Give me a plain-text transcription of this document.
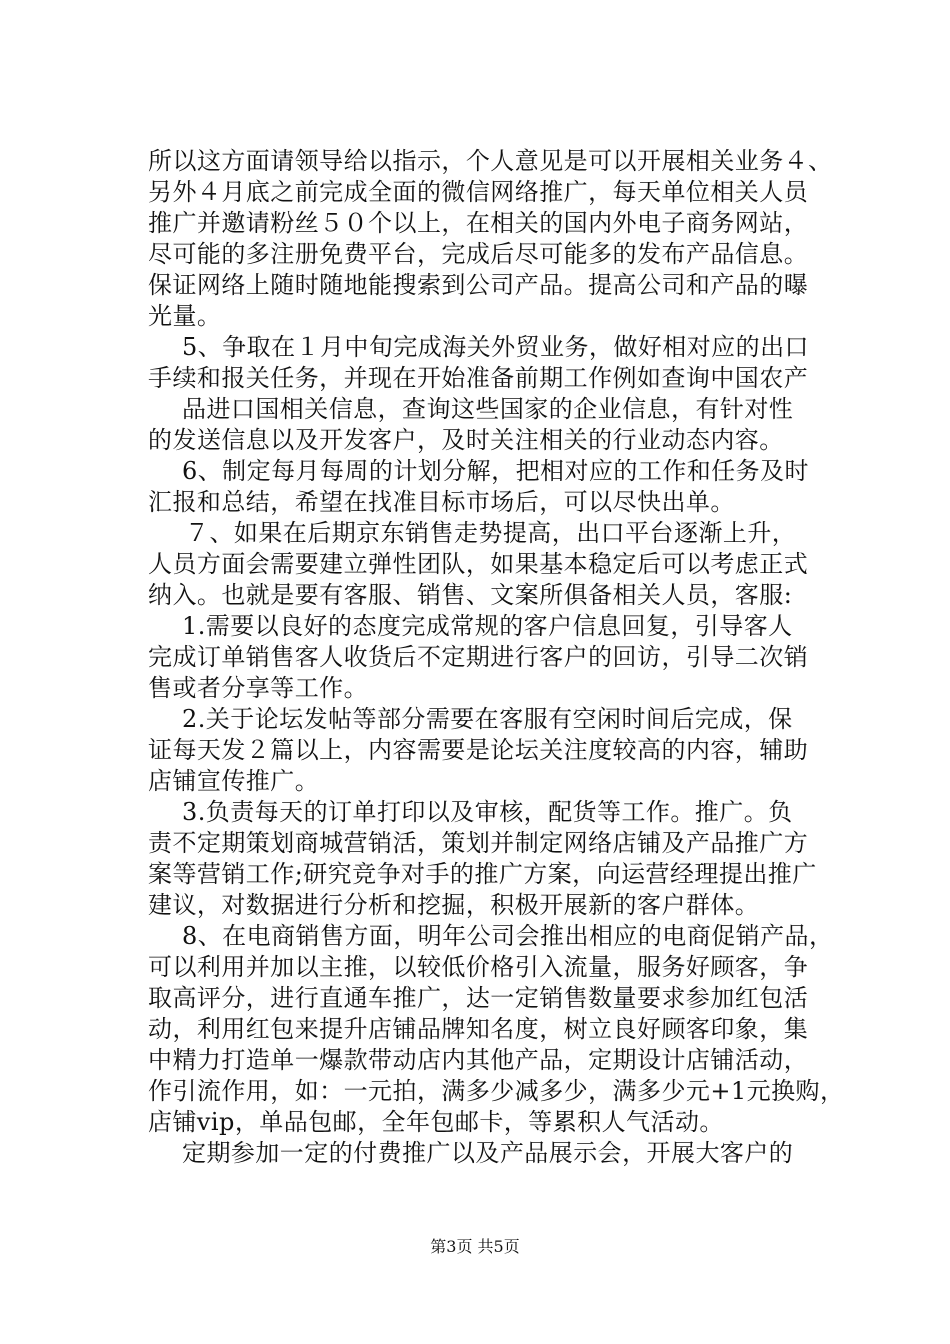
所以这方面请领导给以指示，个人意见是可以开展相关业务４、
另外４月底之前完成全面的微信网络推广，每天单位相关人员
推广并邀请粉丝５０个以上，在相关的国内外电子商务网站，
尽可能的多注册免费平台，完成后尽可能多的发布产品信息。
保证网络上随时随地能搜索到公司产品。提高公司和产品的曝
光量。
5、争取在１月中旬完成海关外贸业务，做好相对应的出口
手续和报关任务，并现在开始准备前期工作例如查询中国农产
品进口国相关信息，查询这些国家的企业信息，有针对性
的发送信息以及开发客户，及时关注相关的行业动态内容。
6、制定每月每周的计划分解，把相对应的工作和任务及时
汇报和总结，希望在找准目标市场后，可以尽快出单。
７、如果在后期京东销售走势提高，出口平台逐渐上升，
人员方面会需要建立弹性团队，如果基本稳定后可以考虑正式
纳入。也就是要有客服、销售、文案所俱备相关人员，客服:
1.需要以良好的态度完成常规的客户信息回复，引导客人
完成订单销售客人收货后不定期进行客户的回访，引导二次销
售或者分享等工作。
2.关于论坛发帖等部分需要在客服有空闲时间后完成，保
证每天发２篇以上，内容需要是论坛关注度较高的内容，辅助
店铺宣传推广。
3.负责每天的订单打印以及审核，配货等工作。推广。负
责不定期策划商城营销活，策划并制定网络店铺及产品推广方
案等营销工作;研究竞争对手的推广方案，向运营经理提出推广
建议，对数据进行分析和挖掘，积极开展新的客户群体。
8、在电商销售方面，明年公司会推出相应的电商促销产品，
可以利用并加以主推，以较低价格引入流量，服务好顾客，争
取高评分，进行直通车推广，达一定销售数量要求参加红包活
动，利用红包来提升店铺品牌知名度，树立良好顾客印象，集
中精力打造单一爆款带动店内其他产品，定期设计店铺活动，
作引流作用，如：一元拍，满多少减多少，满多少元+1元换购，
店铺vip，单品包邮，全年包邮卡，等累积人气活动。
定期参加一定的付费推广以及产品展示会，开展大客户的
第3页 共5页
